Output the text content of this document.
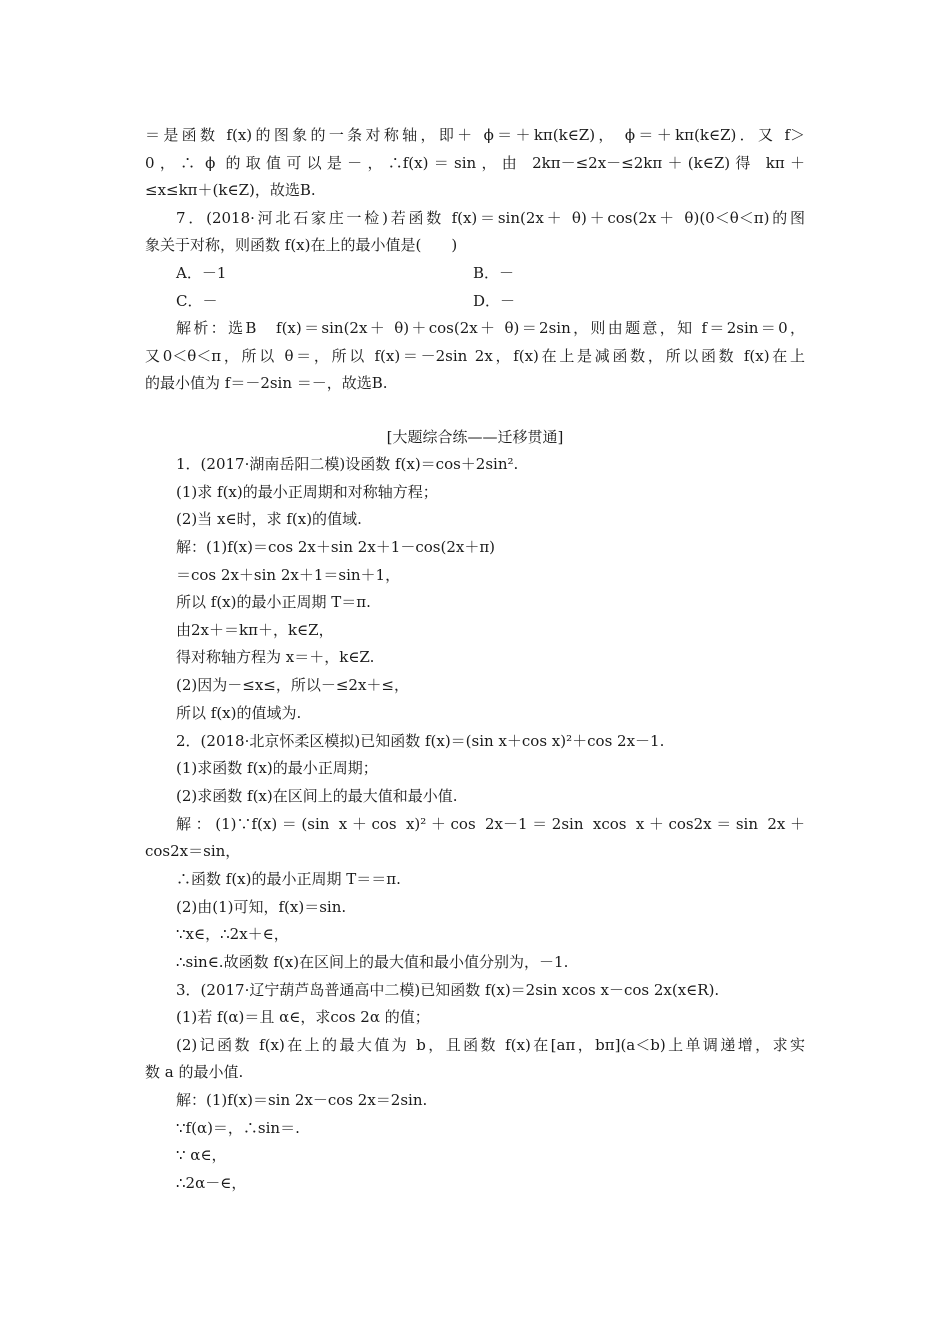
＝是函数 f(x)的图象的一条对称轴，即＋ ϕ＝＋kπ(k∈Z)， ϕ＝＋kπ(k∈Z)．又 f＞
0，∴ ϕ 的取值可以是－，∴f(x)＝sin，由 2kπ－≤2x－≤2kπ＋(k∈Z)得 kπ＋
≤x≤kπ＋(k∈Z)，故选B.
7．(2018·河北石家庄一检)若函数 f(x)＝sin(2x＋ θ)＋cos(2x＋ θ)(0＜θ＜π)的图
象关于对称，则函数 f(x)在上的最小值是(　　)
A．－1	B．－
C．－	D．－
解析：选B　f(x)＝sin(2x＋ θ)＋cos(2x＋ θ)＝2sin，则由题意，知 f＝2sin＝0，
又0＜θ＜π，所以 θ＝，所以 f(x)＝－2sin 2x，f(x)在上是减函数，所以函数 f(x)在上
的最小值为 f＝－2sin ＝－，故选B.
[大题综合练——迁移贯通]
1．(2017·湖南岳阳二模)设函数 f(x)＝cos＋2sin².
(1)求 f(x)的最小正周期和对称轴方程；
(2)当 x∈时，求 f(x)的值域.
解：(1)f(x)＝cos 2x＋sin 2x＋1－cos(2x＋π)
＝cos 2x＋sin 2x＋1＝sin＋1，
所以 f(x)的最小正周期 T＝π.
由2x＋＝kπ＋，k∈Z，
得对称轴方程为 x＝＋，k∈Z.
(2)因为－≤x≤，所以－≤2x＋≤，
所以 f(x)的值域为.
2．(2018·北京怀柔区模拟)已知函数 f(x)＝(sin x＋cos x)²＋cos 2x－1.
(1)求函数 f(x)的最小正周期；
(2)求函数 f(x)在区间上的最大值和最小值.
解：(1)∵f(x)＝(sin x＋cos x)²＋cos 2x－1＝2sin xcos x＋cos2x＝sin 2x＋
cos2x＝sin，
∴函数 f(x)的最小正周期 T＝＝π.
(2)由(1)可知，f(x)＝sin.
∵x∈，∴2x＋∈，
∴sin∈.故函数 f(x)在区间上的最大值和最小值分别为，－1.
3．(2017·辽宁葫芦岛普通高中二模)已知函数 f(x)＝2sin xcos x－cos 2x(x∈R).
(1)若 f(α)＝且 α∈，求cos 2α 的值；
(2)记函数 f(x)在上的最大值为 b，且函数 f(x)在[aπ，bπ](a＜b)上单调递增，求实
数 a 的最小值.
解：(1)f(x)＝sin 2x－cos 2x＝2sin.
∵f(α)＝，∴sin＝.
∵ α∈，
∴2α－∈，
